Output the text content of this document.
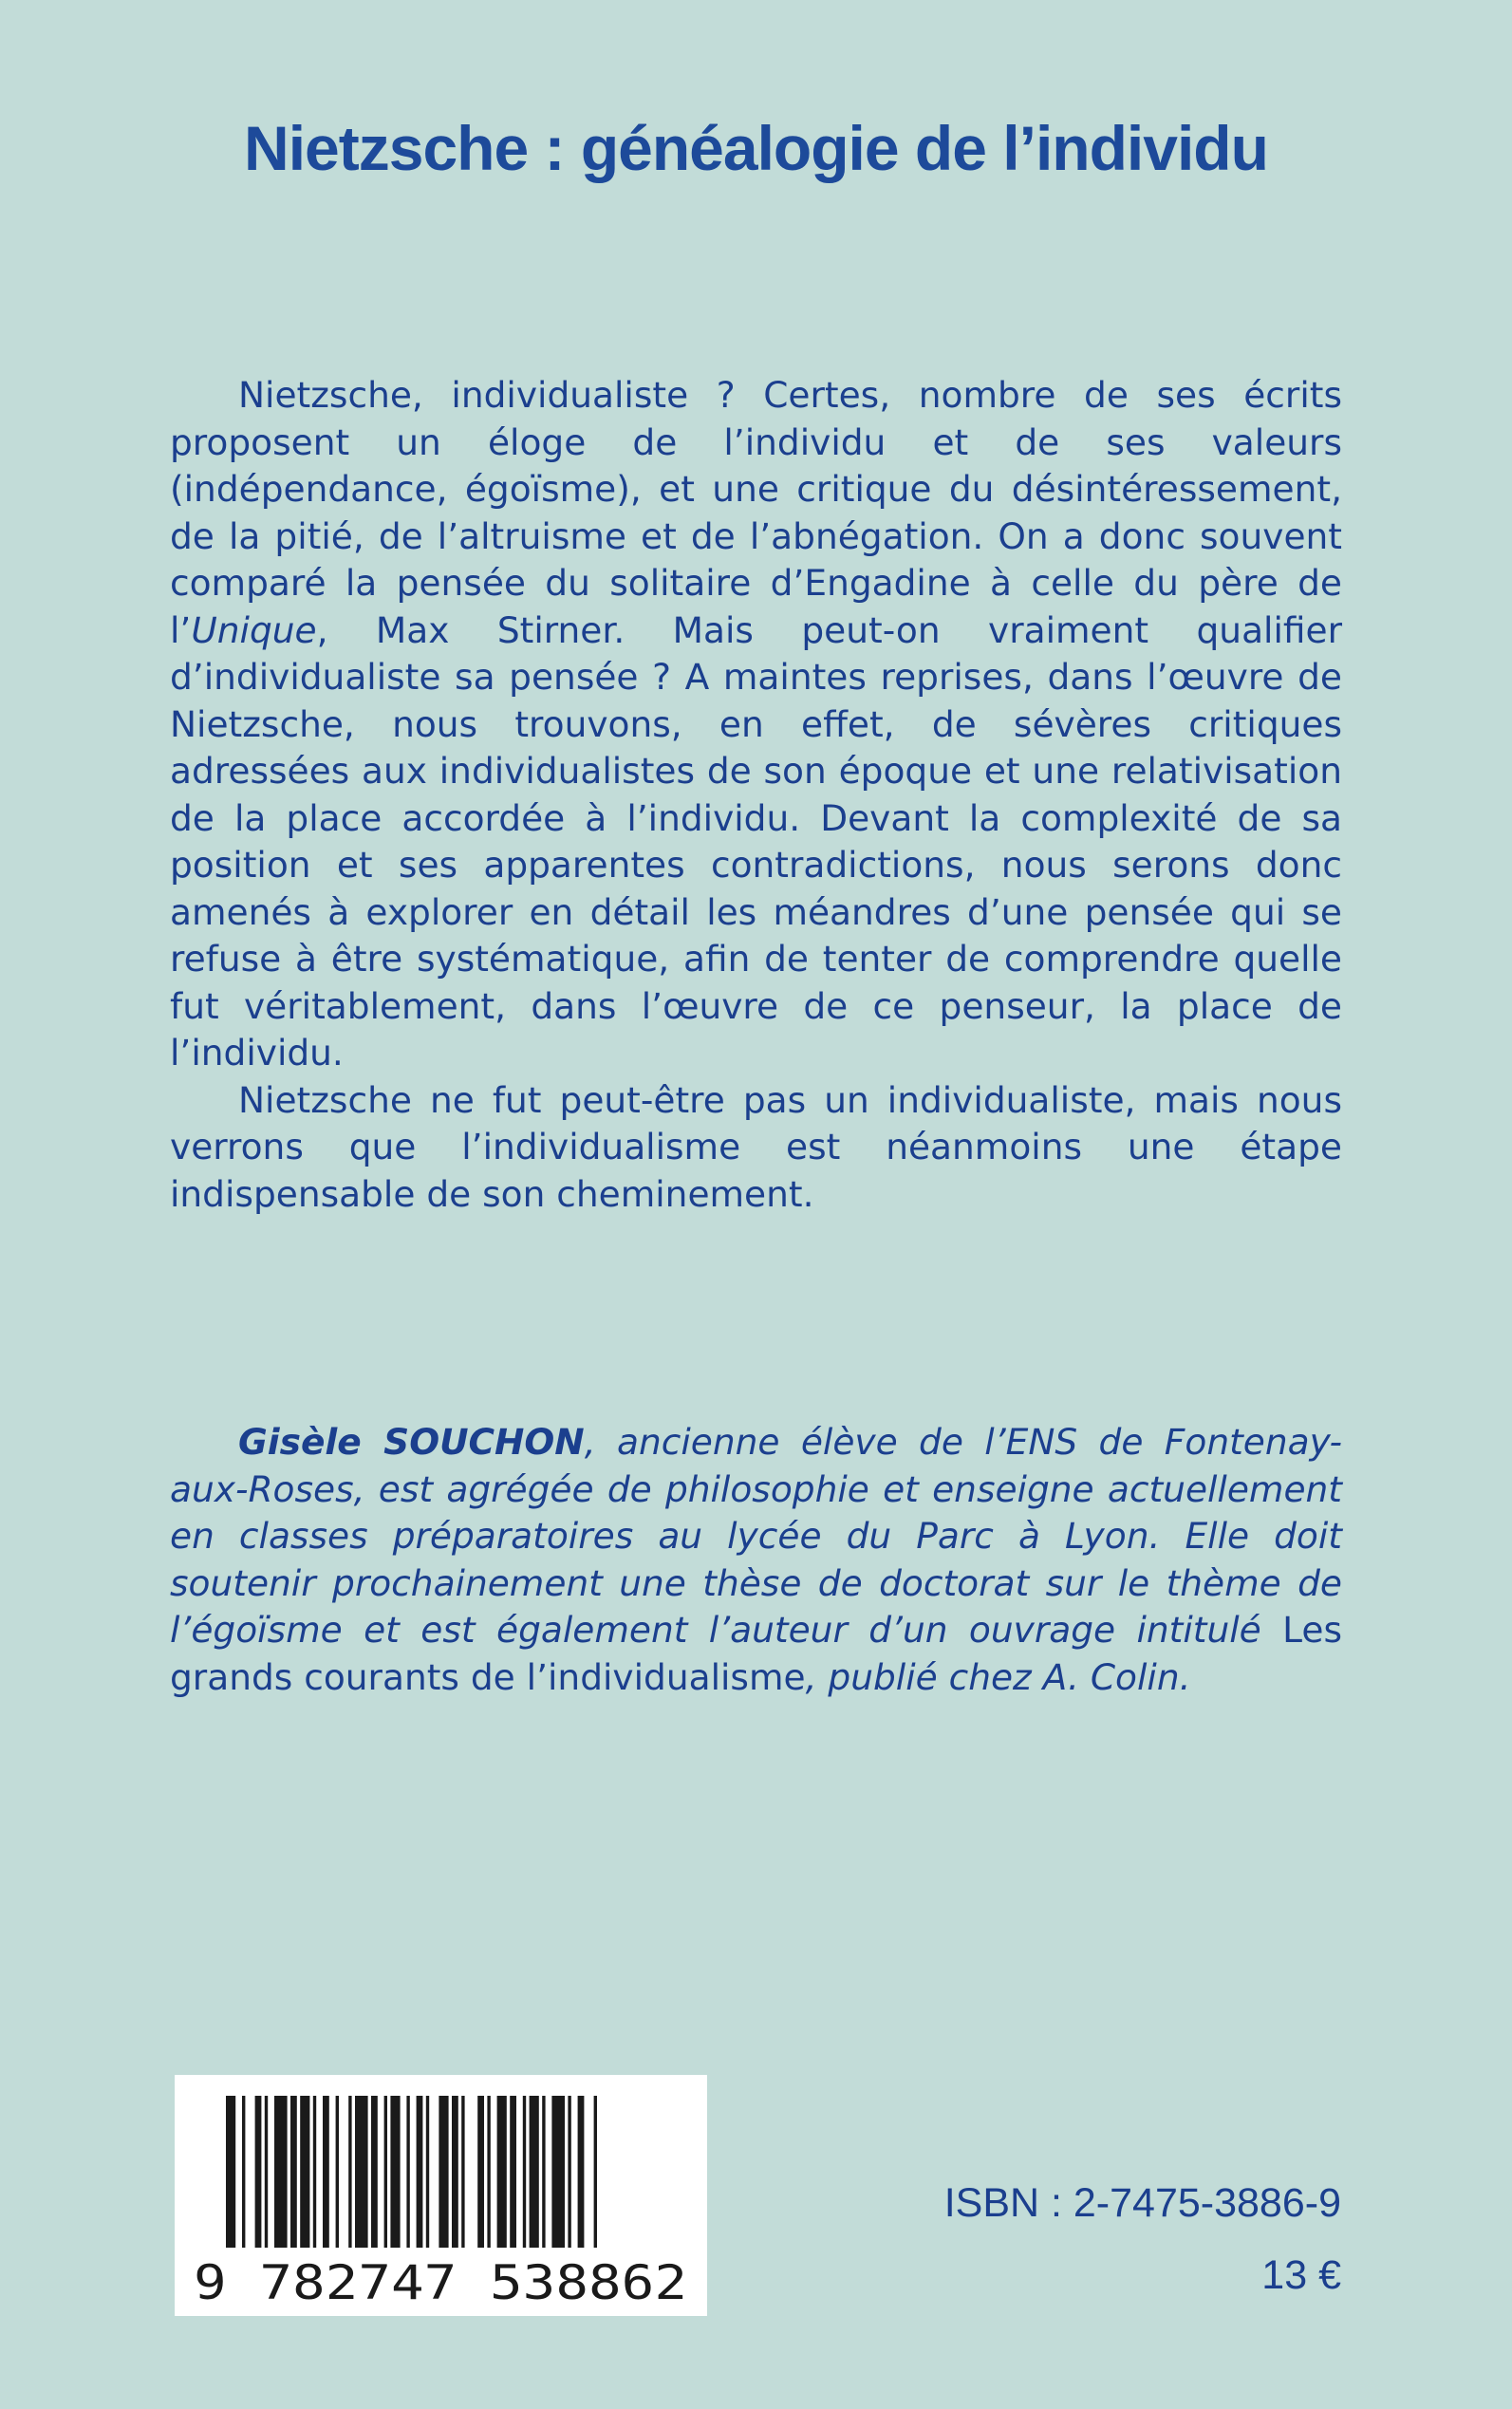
Nietzsche : généalogie de l’individu

Nietzsche, individualiste ? Certes, nombre de ses écrits proposent un éloge de l’individu et de ses valeurs (indépendance, égoïsme), et une critique du désintéressement, de la pitié, de l’altruisme et de l’abnégation. On a donc souvent comparé la pensée du solitaire d’Engadine à celle du père de l’Unique, Max Stirner. Mais peut-on vraiment qualifier d’individualiste sa pensée ? A maintes reprises, dans l’œuvre de Nietzsche, nous trouvons, en effet, de sévères critiques adressées aux individualistes de son époque et une relativisation de la place accordée à l’individu. Devant la complexité de sa position et ses apparentes contradictions, nous serons donc amenés à explorer en détail les méandres d’une pensée qui se refuse à être systématique, afin de tenter de comprendre quelle fut véritablement, dans l’œuvre de ce penseur, la place de l’individu.

Nietzsche ne fut peut-être pas un individualiste, mais nous verrons que l’individualisme est néanmoins une étape indispensable de son cheminement.

Gisèle SOUCHON, ancienne élève de l’ENS de Fontenay-aux-Roses, est agrégée de philosophie et enseigne actuellement en classes préparatoires au lycée du Parc à Lyon. Elle doit soutenir prochainement une thèse de doctorat sur le thème de l’égoïsme et est également l’auteur d’un ouvrage intitulé Les grands courants de l’individualisme, publié chez A. Colin.

9 782747 538862
ISBN : 2-7475-3886-9
13 €
